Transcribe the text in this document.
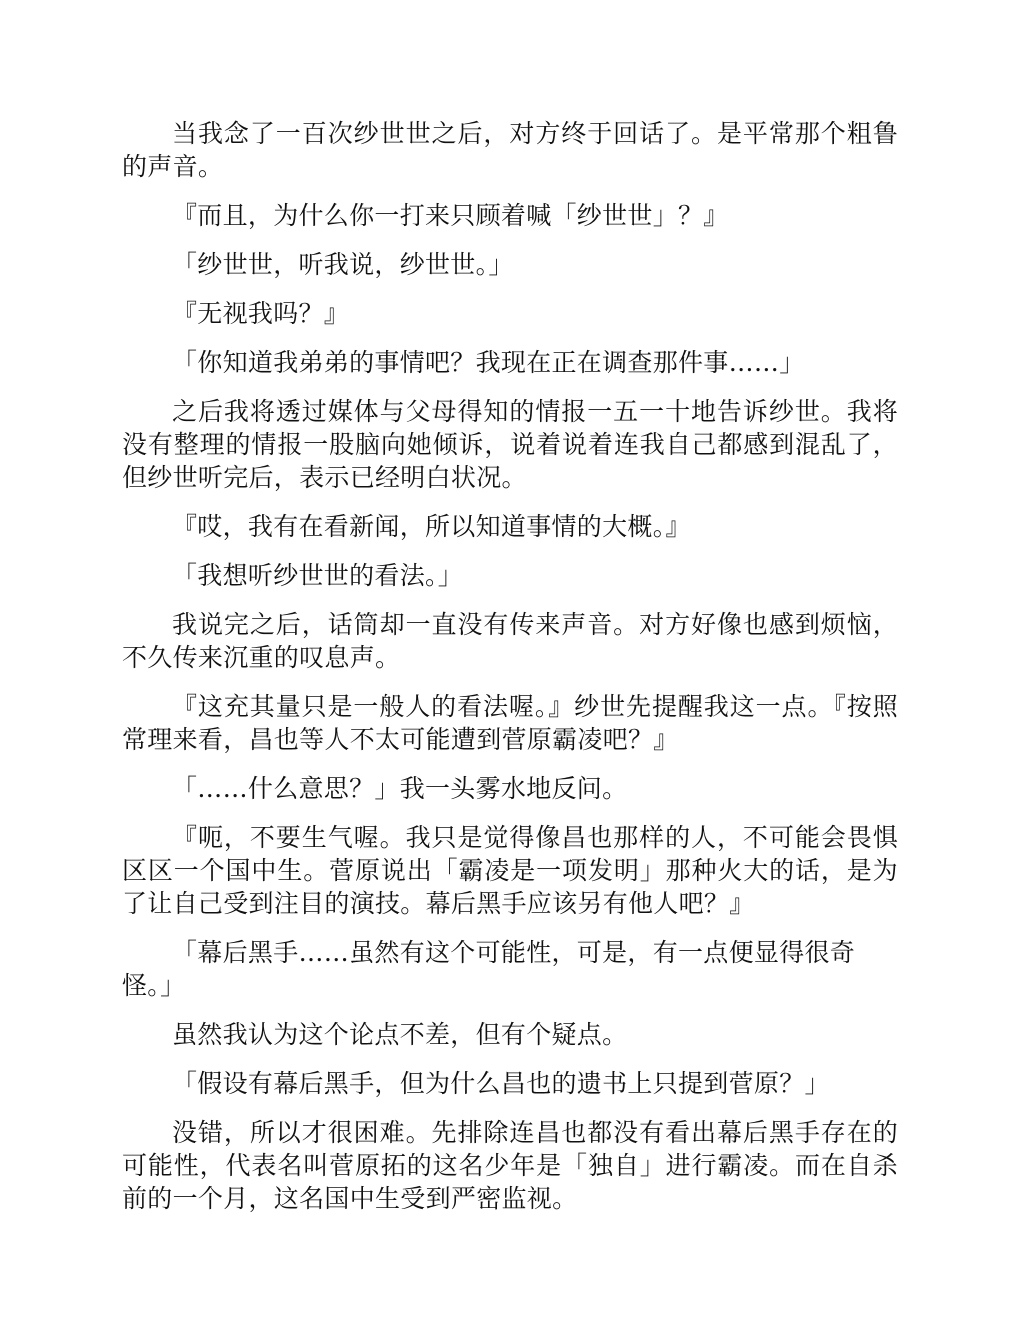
当我念了一百次纱世世之后，对方终于回话了。是平常那个粗鲁的声音。

『而且，为什么你一打来只顾着喊「纱世世」？』

「纱世世，听我说，纱世世。」

『无视我吗？』

「你知道我弟弟的事情吧？我现在正在调查那件事……」

之后我将透过媒体与父母得知的情报一五一十地告诉纱世。我将没有整理的情报一股脑向她倾诉，说着说着连我自己都感到混乱了，但纱世听完后，表示已经明白状况。

『哎，我有在看新闻，所以知道事情的大概。』

「我想听纱世世的看法。」

我说完之后，话筒却一直没有传来声音。对方好像也感到烦恼，不久传来沉重的叹息声。

『这充其量只是一般人的看法喔。』纱世先提醒我这一点。『按照常理来看，昌也等人不太可能遭到菅原霸凌吧？』

「……什么意思？」我一头雾水地反问。

『呃，不要生气喔。我只是觉得像昌也那样的人，不可能会畏惧区区一个国中生。菅原说出「霸凌是一项发明」那种火大的话，是为了让自己受到注目的演技。幕后黑手应该另有他人吧？』

「幕后黑手……虽然有这个可能性，可是，有一点便显得很奇怪。」

虽然我认为这个论点不差，但有个疑点。

「假设有幕后黑手，但为什么昌也的遗书上只提到菅原？」

没错，所以才很困难。先排除连昌也都没有看出幕后黑手存在的可能性，代表名叫菅原拓的这名少年是「独自」进行霸凌。而在自杀前的一个月，这名国中生受到严密监视。
